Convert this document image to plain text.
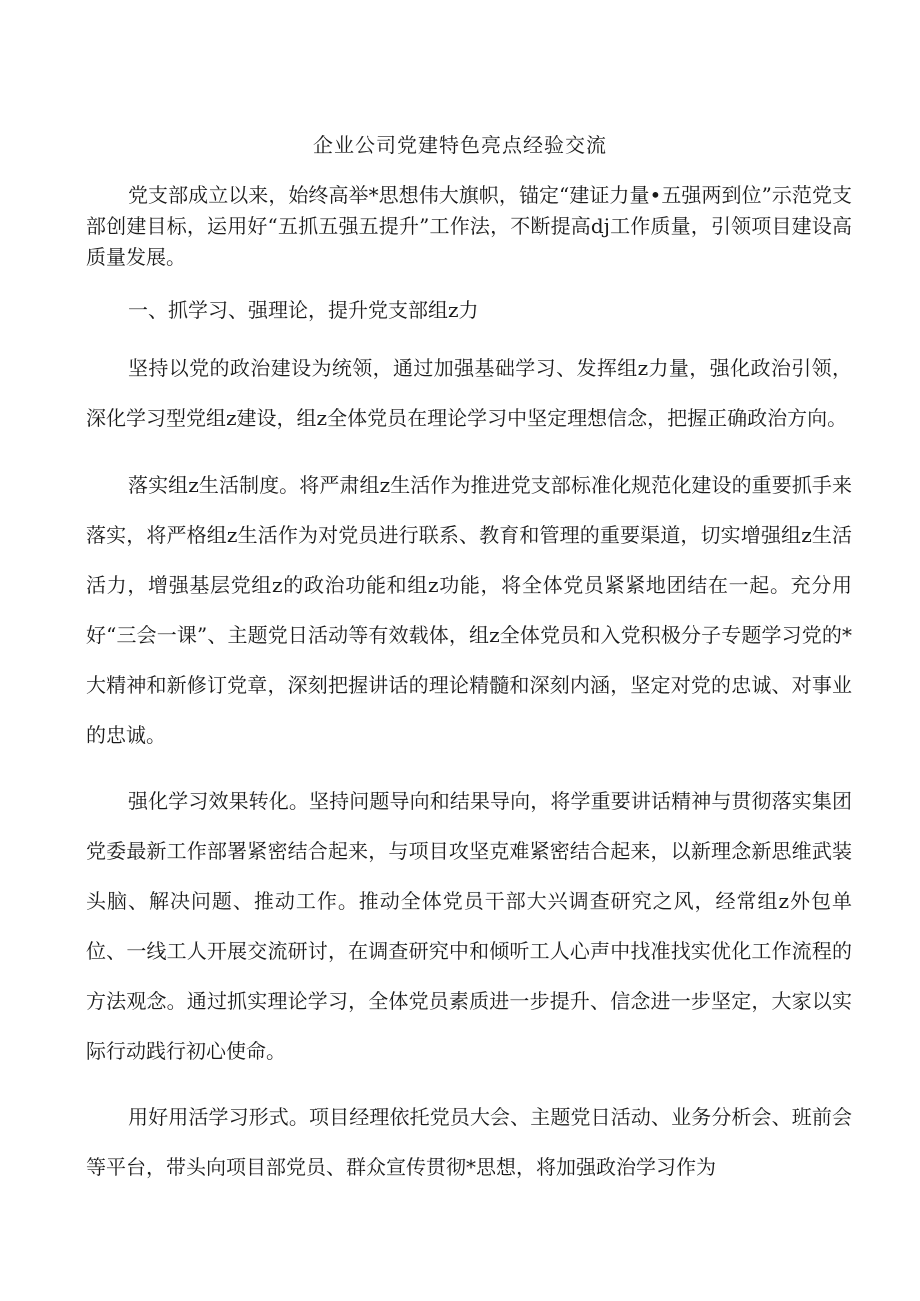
企业公司党建特色亮点经验交流

党支部成立以来，始终高举*思想伟大旗帜，锚定“建证力量•五强两到位”示范党支部创建目标，运用好“五抓五强五提升”工作法，不断提高dj工作质量，引领项目建设高质量发展。

一、抓学习、强理论，提升党支部组z力

坚持以党的政治建设为统领，通过加强基础学习、发挥组z力量，强化政治引领，深化学习型党组z建设，组z全体党员在理论学习中坚定理想信念，把握正确政治方向。

落实组z生活制度。将严肃组z生活作为推进党支部标准化规范化建设的重要抓手来落实，将严格组z生活作为对党员进行联系、教育和管理的重要渠道，切实增强组z生活活力，增强基层党组z的政治功能和组z功能，将全体党员紧紧地团结在一起。充分用好“三会一课”、主题党日活动等有效载体，组z全体党员和入党积极分子专题学习党的*大精神和新修订党章，深刻把握讲话的理论精髓和深刻内涵，坚定对党的忠诚、对事业的忠诚。

强化学习效果转化。坚持问题导向和结果导向，将学重要讲话精神与贯彻落实集团党委最新工作部署紧密结合起来，与项目攻坚克难紧密结合起来，以新理念新思维武装头脑、解决问题、推动工作。推动全体党员干部大兴调查研究之风，经常组z外包单位、一线工人开展交流研讨，在调查研究中和倾听工人心声中找准找实优化工作流程的方法观念。通过抓实理论学习，全体党员素质进一步提升、信念进一步坚定，大家以实际行动践行初心使命。

用好用活学习形式。项目经理依托党员大会、主题党日活动、业务分析会、班前会等平台，带头向项目部党员、群众宣传贯彻*思想，将加强政治学习作为
